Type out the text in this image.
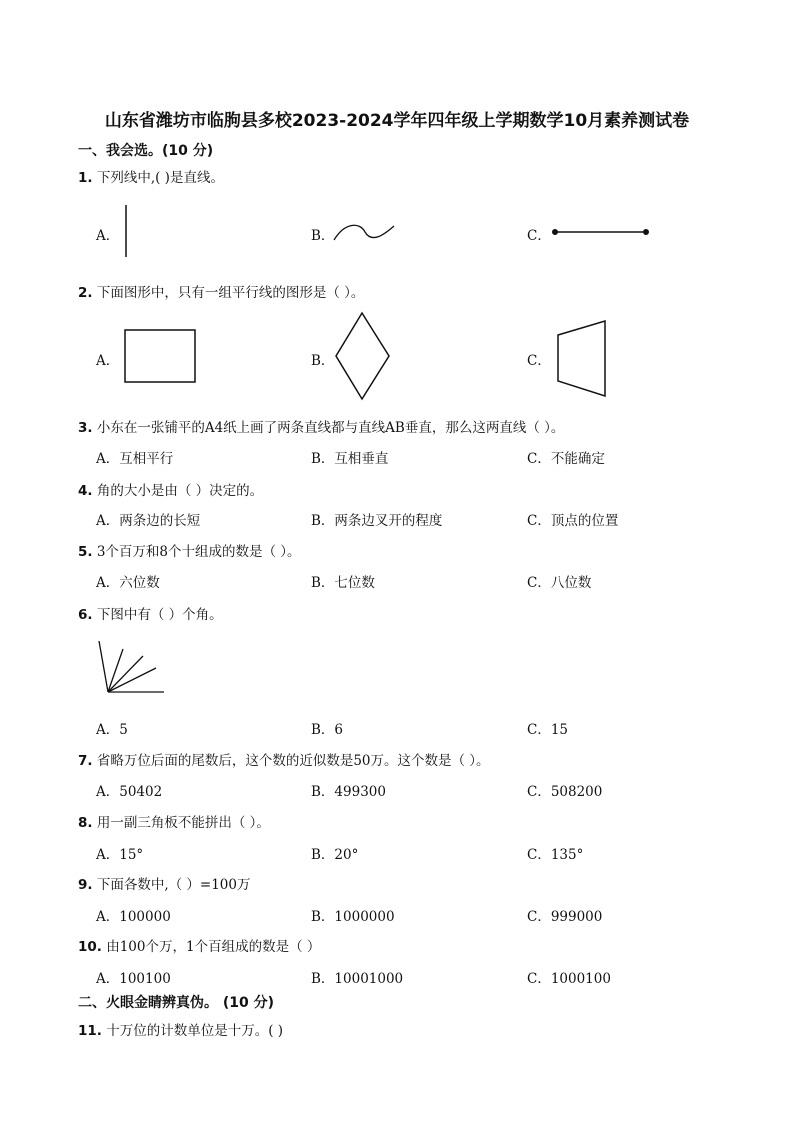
山东省潍坊市临朐县多校2023-2024学年四年级上学期数学10月素养测试卷
一、我会选。(10 分)
1. 下列线中,( )是直线。
A．	B．	C．
2. 下面图形中，只有一组平行线的图形是（ ）。
A．	B．	C．
3. 小东在一张铺平的A4纸上画了两条直线都与直线AB垂直，那么这两直线（ ）。
A．互相平行	B．互相垂直	C．不能确定
4. 角的大小是由（ ）决定的。
A．两条边的长短	B．两条边叉开的程度	C．顶点的位置
5. 3个百万和8个十组成的数是（ ）。
A．六位数	B．七位数	C．八位数
6. 下图中有（ ）个角。
A．5	B．6	C．15
7. 省略万位后面的尾数后，这个数的近似数是50万。这个数是（ ）。
A．50402	B．499300	C．508200
8. 用一副三角板不能拼出（ ）。
A．15°	B．20°	C．135°
9. 下面各数中,（ ）=100万
A．100000	B．1000000	C．999000
10. 由100个万，1个百组成的数是（ ）
A．100100	B．10001000	C．1000100
二、火眼金睛辨真伪。 (10 分)
11. 十万位的计数单位是十万。( )
